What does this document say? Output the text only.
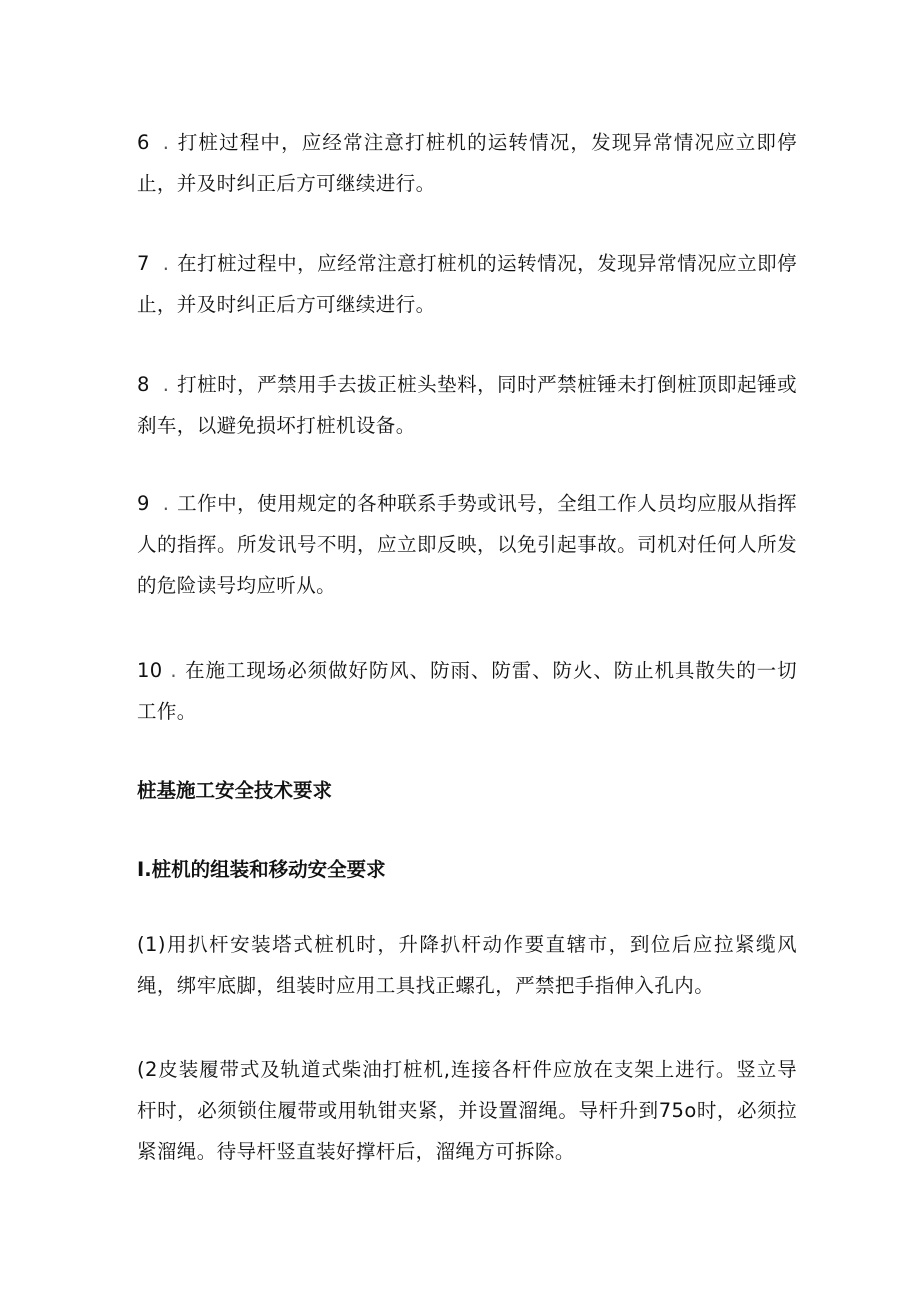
6 . 打桩过程中，应经常注意打桩机的运转情况，发现异常情况应立即停止，并及时纠正后方可继续进行。

7 . 在打桩过程中，应经常注意打桩机的运转情况，发现异常情况应立即停止，并及时纠正后方可继续进行。

8 . 打桩时，严禁用手去拔正桩头垫料，同时严禁桩锤未打倒桩顶即起锤或刹车，以避免损坏打桩机设备。

9 . 工作中，使用规定的各种联系手势或讯号，全组工作人员均应服从指挥人的指挥。所发讯号不明，应立即反映，以免引起事故。司机对任何人所发的危险读号均应听从。

10 . 在施工现场必须做好防风、防雨、防雷、防火、防止机具散失的一切工作。

桩基施工安全技术要求
I.桩机的组装和移动安全要求

(1)用扒杆安装塔式桩机时，升降扒杆动作要直辖市，到位后应拉紧缆风绳，绑牢底脚，组装时应用工具找正螺孔，严禁把手指伸入孔内。

(2皮装履带式及轨道式柴油打桩机,连接各杆件应放在支架上进行。竖立导杆时，必须锁住履带或用轨钳夹紧，并设置溜绳。导杆升到75o时，必须拉紧溜绳。待导杆竖直装好撑杆后，溜绳方可拆除。
